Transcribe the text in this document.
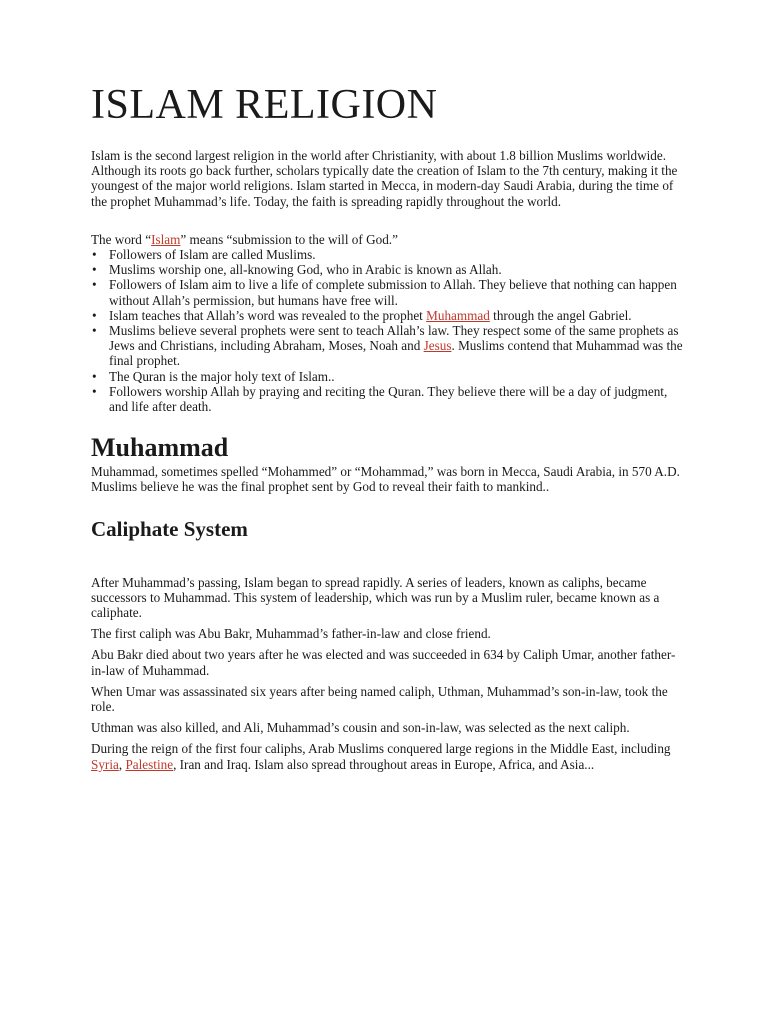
ISLAM RELIGION

Islam is the second largest religion in the world after Christianity, with about 1.8 billion Muslims worldwide. Although its roots go back further, scholars typically date the creation of Islam to the 7th century, making it the youngest of the major world religions. Islam started in Mecca, in modern-day Saudi Arabia, during the time of the prophet Muhammad’s life. Today, the faith is spreading rapidly throughout the world.

The word “Islam” means “submission to the will of God.”

• Followers of Islam are called Muslims.
• Muslims worship one, all-knowing God, who in Arabic is known as Allah.
• Followers of Islam aim to live a life of complete submission to Allah. They believe that nothing can happen without Allah’s permission, but humans have free will.
• Islam teaches that Allah’s word was revealed to the prophet Muhammad through the angel Gabriel.
• Muslims believe several prophets were sent to teach Allah’s law. They respect some of the same prophets as Jews and Christians, including Abraham, Moses, Noah and Jesus. Muslims contend that Muhammad was the final prophet.
• The Quran is the major holy text of Islam..
• Followers worship Allah by praying and reciting the Quran. They believe there will be a day of judgment, and life after death.
Muhammad

Muhammad, sometimes spelled “Mohammed” or “Mohammad,” was born in Mecca, Saudi Arabia, in 570 A.D. Muslims believe he was the final prophet sent by God to reveal their faith to mankind..

Caliphate System

After Muhammad’s passing, Islam began to spread rapidly. A series of leaders, known as caliphs, became successors to Muhammad. This system of leadership, which was run by a Muslim ruler, became known as a caliphate.

The first caliph was Abu Bakr, Muhammad’s father-in-law and close friend.

Abu Bakr died about two years after he was elected and was succeeded in 634 by Caliph Umar, another father-in-law of Muhammad.

When Umar was assassinated six years after being named caliph, Uthman, Muhammad’s son-in-law, took the role.

Uthman was also killed, and Ali, Muhammad’s cousin and son-in-law, was selected as the next caliph.

During the reign of the first four caliphs, Arab Muslims conquered large regions in the Middle East, including Syria, Palestine, Iran and Iraq. Islam also spread throughout areas in Europe, Africa, and Asia...
